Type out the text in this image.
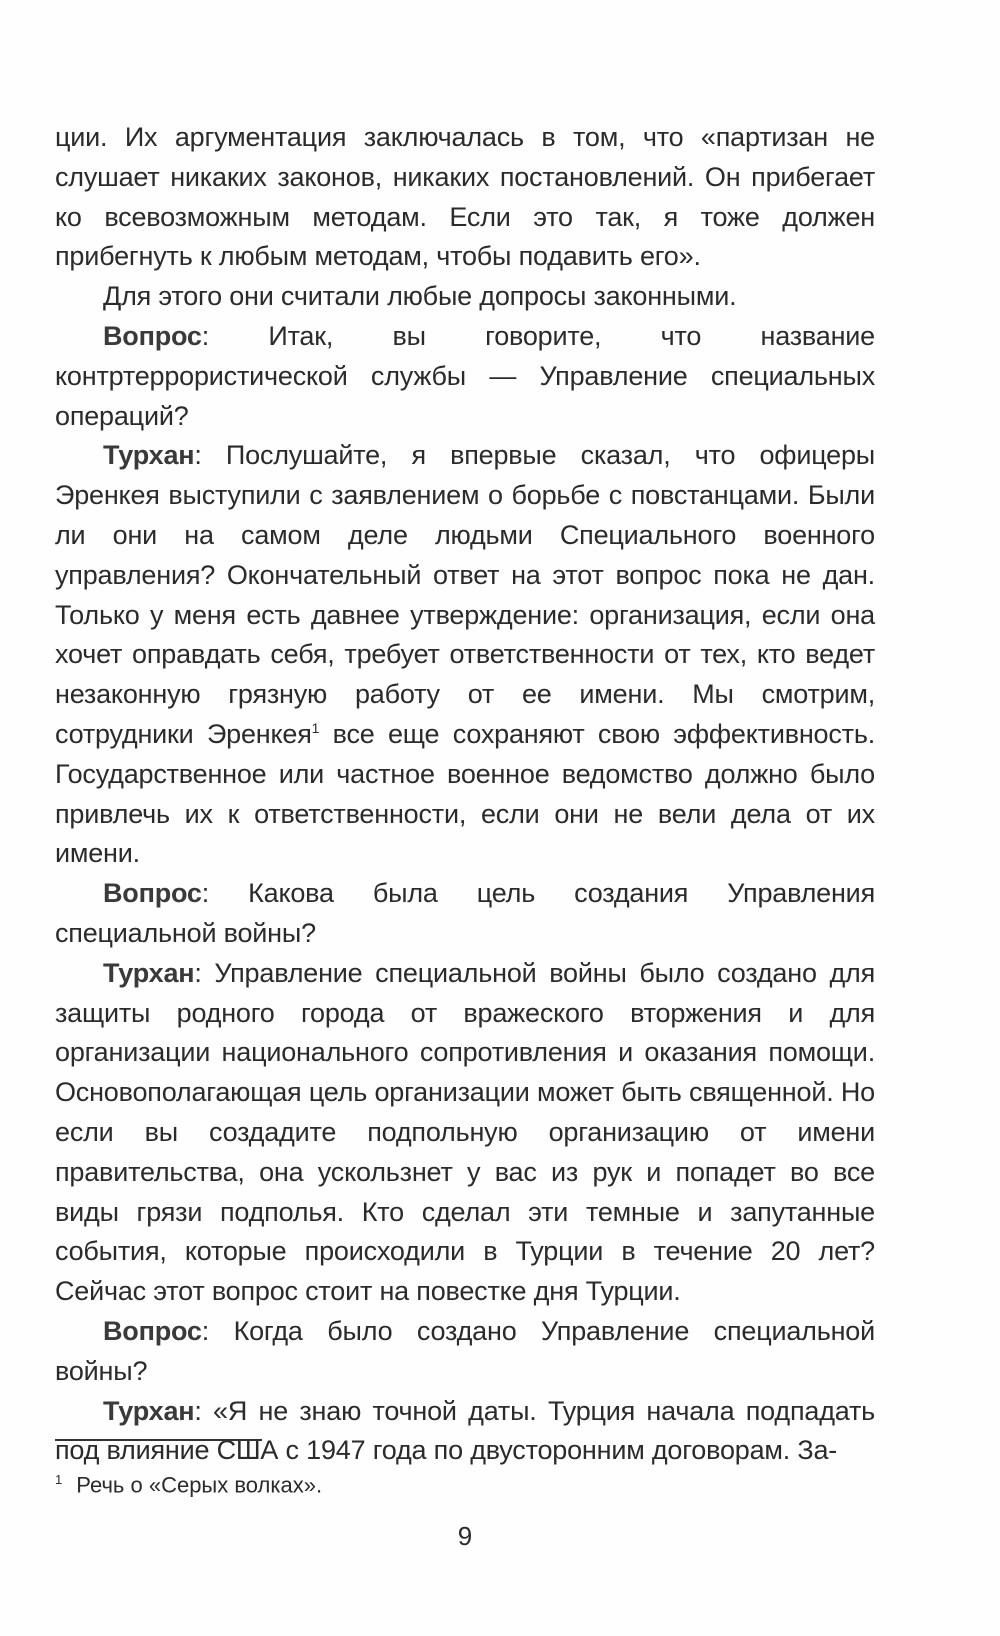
ции. Их аргументация заключалась в том, что «партизан не слушает никаких законов, никаких постановлений. Он прибегает ко всевозможным методам. Если это так, я тоже должен прибегнуть к любым методам, чтобы подавить его».

Для этого они считали любые допросы законными.

Вопрос: Итак, вы говорите, что название контртеррористической службы — Управление специальных операций?

Турхан: Послушайте, я впервые сказал, что офицеры Эренкея выступили с заявлением о борьбе с повстанцами. Были ли они на самом деле людьми Специального военного управления? Окончательный ответ на этот вопрос пока не дан. Только у меня есть давнее утверждение: организация, если она хочет оправдать себя, требует ответственности от тех, кто ведет незаконную грязную работу от ее имени. Мы смотрим, сотрудники Эренкея$^1$ все еще сохраняют свою эффективность. Государственное или частное военное ведомство должно было привлечь их к ответственности, если они не вели дела от их имени.

Вопрос: Какова была цель создания Управления специальной войны?

Турхан: Управление специальной войны было создано для защиты родного города от вражеского вторжения и для организации национального сопротивления и оказания помощи. Основополагающая цель организации может быть священной. Но если вы создадите подпольную организацию от имени правительства, она ускользнет у вас из рук и попадет во все виды грязи подполья. Кто сделал эти темные и запутанные события, которые происходили в Турции в течение 20 лет? Сейчас этот вопрос стоит на повестке дня Турции.

Вопрос: Когда было создано Управление специальной войны?

Турхан: «Я не знаю точной даты. Турция начала подпадать под влияние США с 1947 года по двусторонним договорам. За-

$^1$ Речь о «Серых волках».
9
